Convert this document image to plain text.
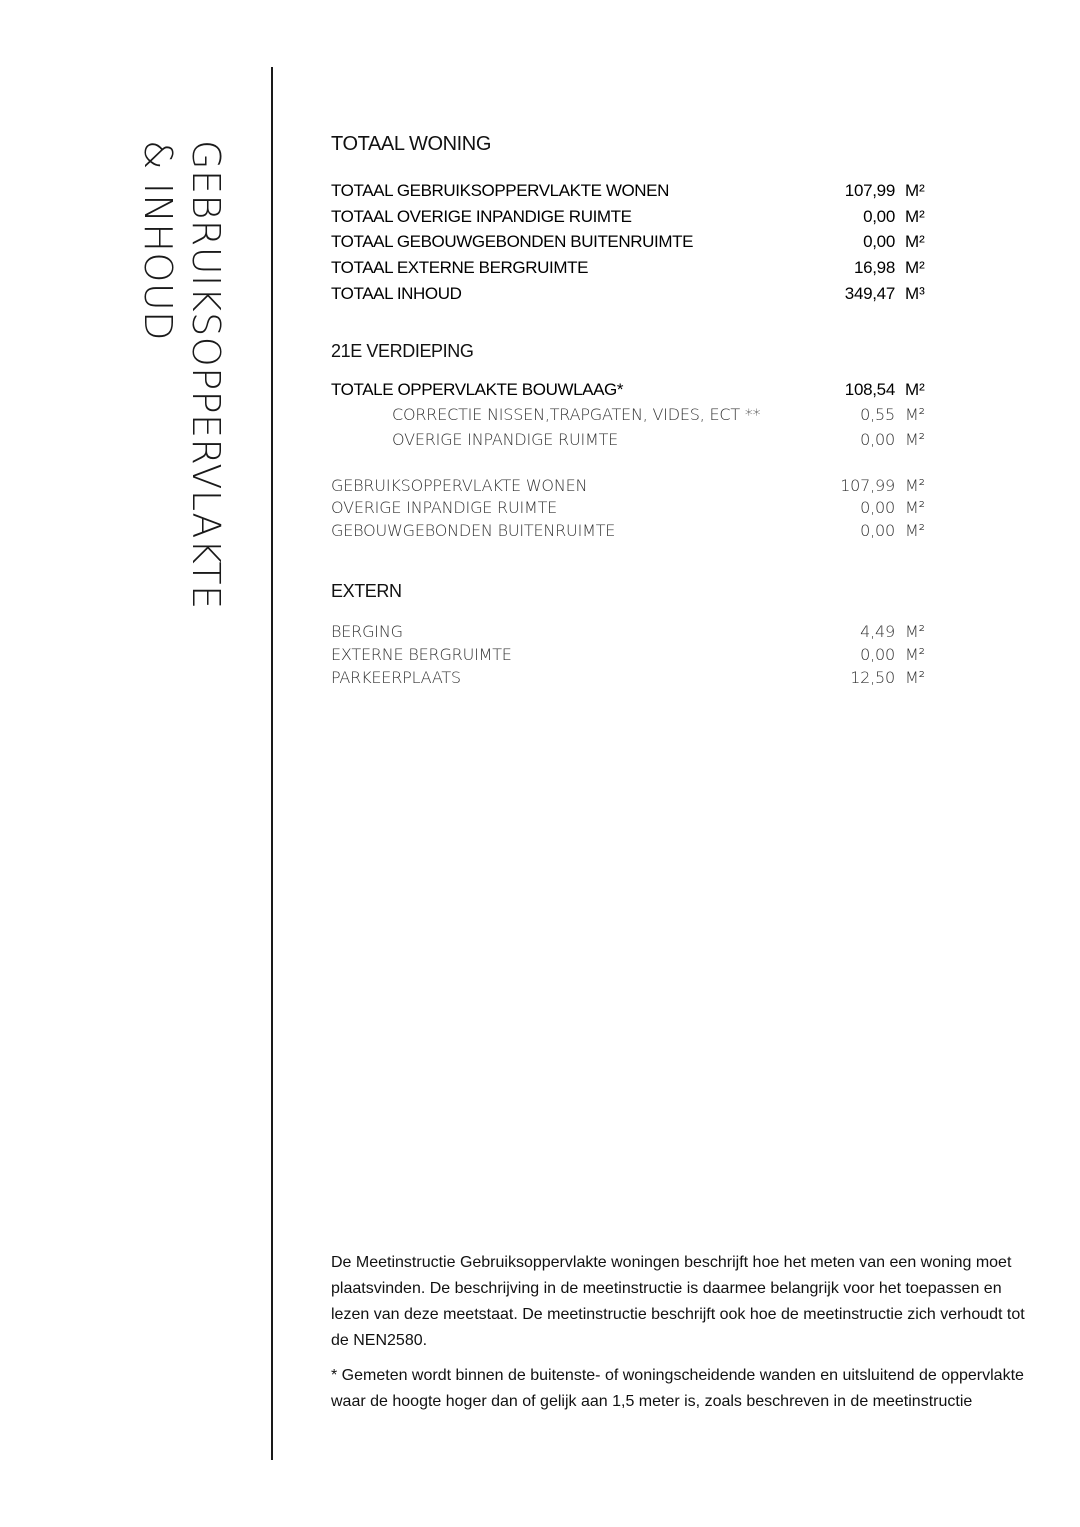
GEBRUIKSOPPERVLAKTE
& INHOUD	TOTAAL WONING
TOTAAL GEBRUIKSOPPERVLAKTE WONEN	107,99 M²
TOTAAL OVERIGE INPANDIGE RUIMTE	0,00 M²
TOTAAL GEBOUWGEBONDEN BUITENRUIMTE	0,00 M²
TOTAAL EXTERNE BERGRUIMTE	16,98 M²
TOTAAL INHOUD	349,47 M³
21E VERDIEPING
TOTALE OPPERVLAKTE BOUWLAAG*	108,54 M²
CORRECTIE NISSEN,TRAPGATEN, VIDES, ECT **	0,55 M²
OVERIGE INPANDIGE RUIMTE	0,00 M²
GEBRUIKSOPPERVLAKTE WONEN	107,99 M²
OVERIGE INPANDIGE RUIMTE	0,00 M²
GEBOUWGEBONDEN BUITENRUIMTE	0,00 M²
EXTERN
BERGING	4,49 M²
EXTERNE BERGRUIMTE	0,00 M²
PARKEERPLAATS	12,50 M²

De Meetinstructie Gebruiksoppervlakte woningen beschrijft hoe het meten van een woning moet plaatsvinden. De beschrijving in de meetinstructie is daarmee belangrijk voor het toepassen en lezen van deze meetstaat. De meetinstructie beschrijft ook hoe de meetinstructie zich verhoudt tot de NEN2580.

* Gemeten wordt binnen de buitenste- of woningscheidende wanden en uitsluitend de oppervlakte waar de hoogte hoger dan of gelijk aan 1,5 meter is, zoals beschreven in de meetinstructie
